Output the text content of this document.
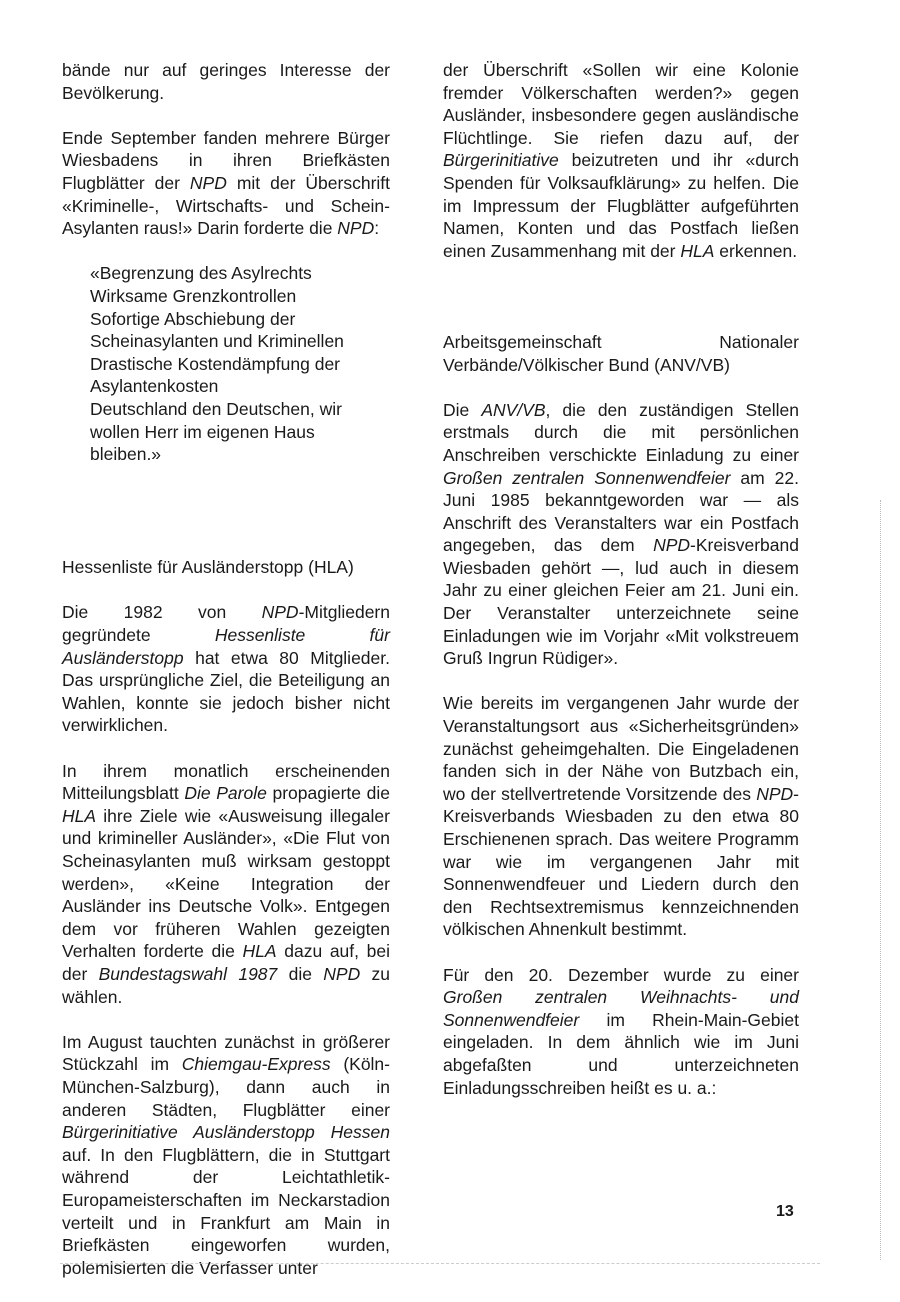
bände nur auf geringes Interesse der Bevölkerung.

Ende September fanden mehrere Bürger Wiesbadens in ihren Briefkästen Flugblätter der NPD mit der Überschrift «Kriminelle-, Wirtschafts- und Schein-Asylanten raus!» Darin forderte die NPD:

«Begrenzung des Asylrechts
Wirksame Grenzkontrollen
Sofortige Abschiebung der Scheinasylanten und Kriminellen
Drastische Kostendämpfung der Asylantenkosten
Deutschland den Deutschen, wir wollen Herr im eigenen Haus bleiben.»

Hessenliste für Ausländerstopp (HLA)

Die 1982 von NPD-Mitgliedern gegründete Hessenliste für Ausländerstopp hat etwa 80 Mitglieder. Das ursprüngliche Ziel, die Beteiligung an Wahlen, konnte sie jedoch bisher nicht verwirklichen.

In ihrem monatlich erscheinenden Mitteilungsblatt Die Parole propagierte die HLA ihre Ziele wie «Ausweisung illegaler und krimineller Ausländer», «Die Flut von Scheinasylanten muß wirksam gestoppt werden», «Keine Integration der Ausländer ins Deutsche Volk». Entgegen dem vor früheren Wahlen gezeigten Verhalten forderte die HLA dazu auf, bei der Bundestagswahl 1987 die NPD zu wählen.

Im August tauchten zunächst in größerer Stückzahl im Chiemgau-Express (Köln-München-Salzburg), dann auch in anderen Städten, Flugblätter einer Bürgerinitiative Ausländerstopp Hessen auf. In den Flugblättern, die in Stuttgart während der Leichtathletik-Europameisterschaften im Neckarstadion verteilt und in Frankfurt am Main in Briefkästen eingeworfen wurden, polemisierten die Verfasser unter

der Überschrift «Sollen wir eine Kolonie fremder Völkerschaften werden?» gegen Ausländer, insbesondere gegen ausländische Flüchtlinge. Sie riefen dazu auf, der Bürgerinitiative beizutreten und ihr «durch Spenden für Volksaufklärung» zu helfen. Die im Impressum der Flugblätter aufgeführten Namen, Konten und das Postfach ließen einen Zusammenhang mit der HLA erkennen.

Arbeitsgemeinschaft Nationaler Verbände/Völkischer Bund (ANV/VB)

Die ANV/VB, die den zuständigen Stellen erstmals durch die mit persönlichen Anschreiben verschickte Einladung zu einer Großen zentralen Sonnenwendfeier am 22. Juni 1985 bekanntgeworden war — als Anschrift des Veranstalters war ein Postfach angegeben, das dem NPD-Kreisverband Wiesbaden gehört —, lud auch in diesem Jahr zu einer gleichen Feier am 21. Juni ein. Der Veranstalter unterzeichnete seine Einladungen wie im Vorjahr «Mit volkstreuem Gruß Ingrun Rüdiger».

Wie bereits im vergangenen Jahr wurde der Veranstaltungsort aus «Sicherheitsgründen» zunächst geheimgehalten. Die Eingeladenen fanden sich in der Nähe von Butzbach ein, wo der stellvertretende Vorsitzende des NPD-Kreisverbands Wiesbaden zu den etwa 80 Erschienenen sprach. Das weitere Programm war wie im vergangenen Jahr mit Sonnenwendfeuer und Liedern durch den den Rechtsextremismus kennzeichnenden völkischen Ahnenkult bestimmt.

Für den 20. Dezember wurde zu einer Großen zentralen Weihnachts- und Sonnenwendfeier im Rhein-Main-Gebiet eingeladen. In dem ähnlich wie im Juni abgefaßten und unterzeichneten Einladungsschreiben heißt es u. a.:

13
